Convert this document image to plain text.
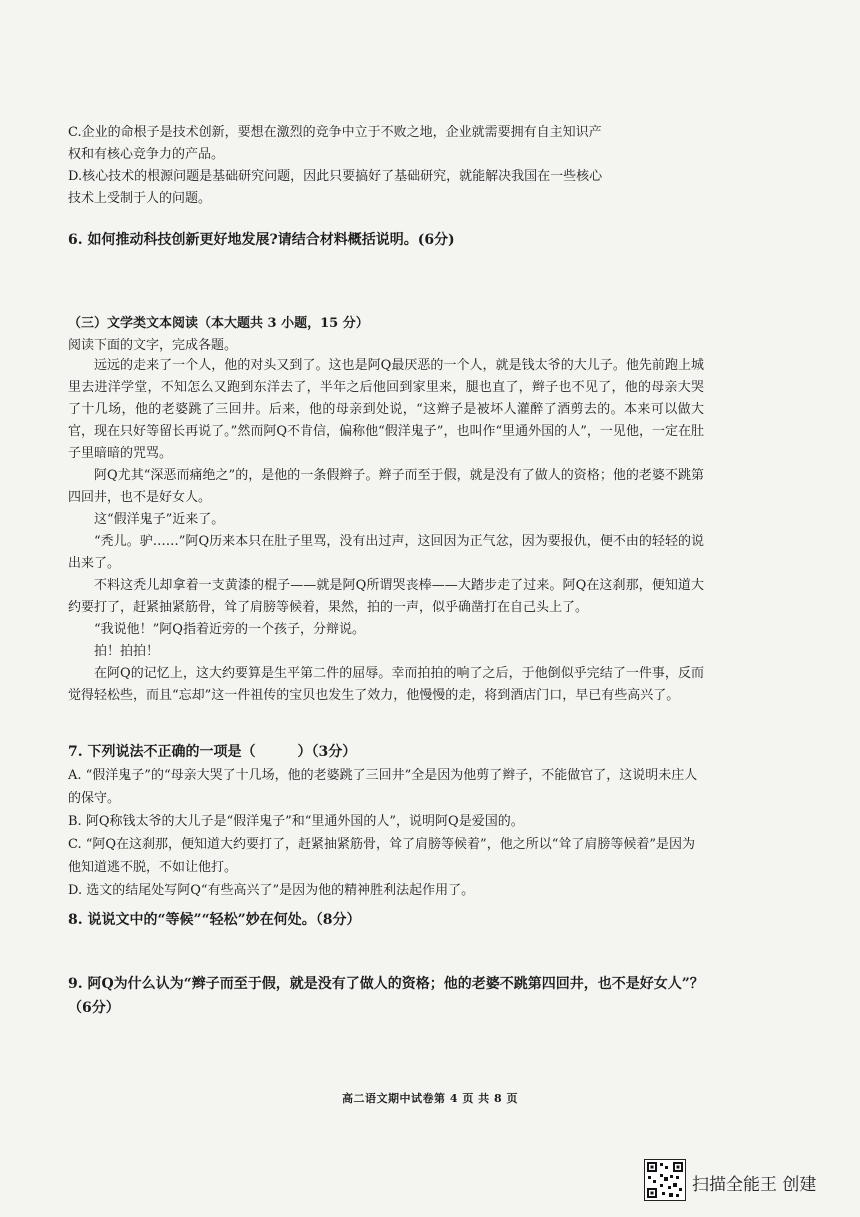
C.企业的命根子是技术创新，要想在激烈的竞争中立于不败之地，企业就需要拥有自主知识产

权和有核心竞争力的产品。

D.核心技术的根源问题是基础研究问题，因此只要搞好了基础研究，就能解决我国在一些核心

技术上受制于人的问题。

6. 如何推动科技创新更好地发展?请结合材料概括说明。(6分)

（三）文学类文本阅读（本大题共 3 小题，15 分）

阅读下面的文字，完成各题。

远远的走来了一个人，他的对头又到了。这也是阿Q最厌恶的一个人，就是钱太爷的大儿子。他先前跑上城里去进洋学堂，不知怎么又跑到东洋去了，半年之后他回到家里来，腿也直了，辫子也不见了，他的母亲大哭了十几场，他的老婆跳了三回井。后来，他的母亲到处说，“这辫子是被坏人灌醉了酒剪去的。本来可以做大官，现在只好等留长再说了。”然而阿Q不肯信，偏称他“假洋鬼子”，也叫作“里通外国的人”，一见他，一定在肚子里暗暗的咒骂。

阿Q尤其“深恶而痛绝之”的，是他的一条假辫子。辫子而至于假，就是没有了做人的资格；他的老婆不跳第四回井，也不是好女人。

这“假洋鬼子”近来了。

“秃儿。驴……”阿Q历来本只在肚子里骂，没有出过声，这回因为正气忿，因为要报仇，便不由的轻轻的说出来了。

不料这秃儿却拿着一支黄漆的棍子——就是阿Q所谓哭丧棒——大踏步走了过来。阿Q在这刹那，便知道大约要打了，赶紧抽紧筋骨，耸了肩膀等候着，果然，拍的一声，似乎确凿打在自己头上了。

“我说他！”阿Q指着近旁的一个孩子，分辩说。

拍！拍拍！

在阿Q的记忆上，这大约要算是生平第二件的屈辱。幸而拍拍的响了之后，于他倒似乎完结了一件事，反而觉得轻松些，而且“忘却”这一件祖传的宝贝也发生了效力，他慢慢的走，将到酒店门口，早已有些高兴了。

7. 下列说法不正确的一项是（　　　）（3分）

A. “假洋鬼子”的“母亲大哭了十几场，他的老婆跳了三回井”全是因为他剪了辫子，不能做官了，这说明未庄人的保守。

B. 阿Q称钱太爷的大儿子是“假洋鬼子”和“里通外国的人”，说明阿Q是爱国的。

C. “阿Q在这刹那，便知道大约要打了，赶紧抽紧筋骨，耸了肩膀等候着”，他之所以“耸了肩膀等候着”是因为他知道逃不脱，不如让他打。

D. 选文的结尾处写阿Q“有些高兴了”是因为他的精神胜利法起作用了。

8. 说说文中的“等候”“轻松”妙在何处。（8分）

9. 阿Q为什么认为“辫子而至于假，就是没有了做人的资格；他的老婆不跳第四回井，也不是好女人”？（6分）

高二语文期中试卷第 4 页 共 8 页
扫描全能王 创建
